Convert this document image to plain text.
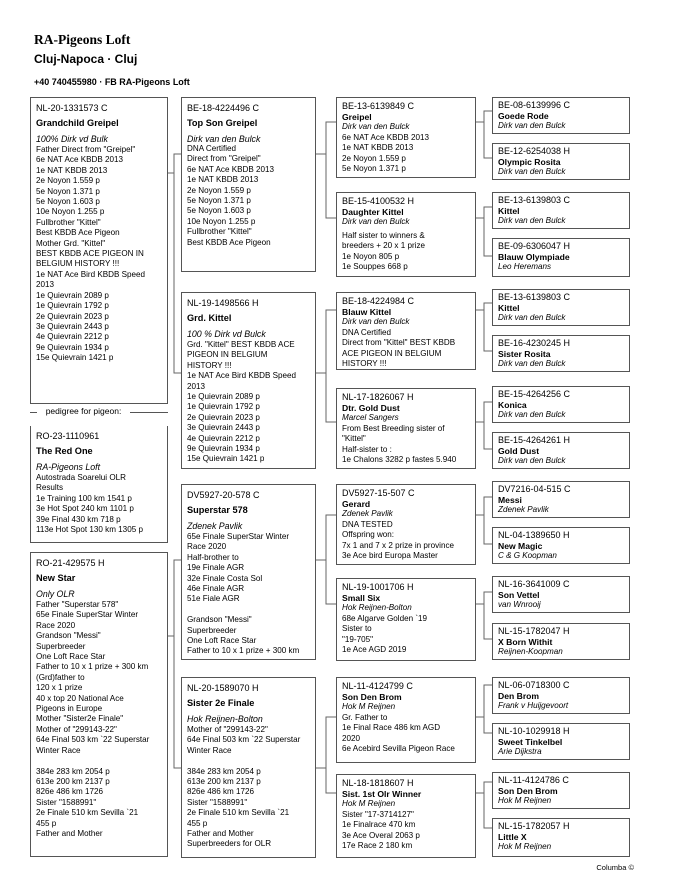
RA-Pigeons Loft
Cluj-Napoca · Cluj
+40 740455980 · FB RA-Pigeons Loft
NL-20-1331573 C
Grandchild Greipel
100% Dirk vd Bulk
Father Direct from "Greipel"
6e NAT Ace KBDB 2013
1e NAT KBDB 2013
2e Noyon 1.559 p
5e Noyon 1.371 p
5e Noyon 1.603 p
10e Noyon 1.255 p
Fullbrother "Kittel"
Best KBDB Ace Pigeon
Mother Grd. "Kittel"
BEST KBDB ACE PIGEON IN
BELGIUM HISTORY !!!
1e NAT Ace Bird KBDB Speed
2013
1e Quievrain 2089 p
1e Quievrain 1792 p
2e Quievrain 2023 p
3e Quievrain 2443 p
4e Quievrain 2212 p
9e Quievrain 1934 p
15e Quievrain 1421 p
pedigree for pigeon:
RO-23-1110961
The Red One
RA-Pigeons Loft
Autostrada Soarelui OLR
Results
1e Training 100 km 1541 p
3e Hot Spot 240 km 1101 p
39e Final 430 km 718 p
113e Hot Spot 130 km 1305 p
RO-21-429575 H
New Star
Only OLR
Father "Superstar 578"
65e Finale SuperStar Winter
Race 2020
Grandson "Messi"
Superbreeder
One Loft Race Star
Father to 10 x 1 prize + 300 km
(Grd)father to
120 x 1 prize
40 x top 20 National Ace
Pigeons in Europe
Mother "Sister2e Finale"
Mother of "299143-22"
64e Final 503 km `22 Superstar
Winter Race

384e 283 km 2054 p
613e 200 km 2137 p
826e 486 km 1726
Sister "1588991"
2e Finale 510 km Sevilla `21
455 p
Father and Mother
BE-18-4224496 C
Top Son Greipel
Dirk van den Bulck
DNA Certified
Direct from "Greipel"
6e NAT Ace KBDB 2013
1e NAT KBDB 2013
2e Noyon 1.559 p
5e Noyon 1.371 p
5e Noyon 1.603 p
10e Noyon 1.255 p
Fullbrother "Kittel"
Best KBDB Ace Pigeon
NL-19-1498566 H
Grd. Kittel
100 % Dirk vd Bulck
Grd. "Kittel" BEST KBDB ACE
PIGEON IN BELGIUM
HISTORY !!!
1e NAT Ace Bird KBDB Speed
2013
1e Quievrain 2089 p
1e Quievrain 1792 p
2e Quievrain 2023 p
3e Quievrain 2443 p
4e Quievrain 2212 p
9e Quievrain 1934 p
15e Quievrain 1421 p
DV5927-20-578 C
Superstar 578
Zdenek Pavlik
65e Finale SuperStar Winter
Race 2020
Half-brother to
19e Finale AGR
32e Finale Costa Sol
46e Finale AGR
51e Fiale AGR

Grandson "Messi"
Superbreeder
One Loft Race Star
Father to 10 x 1 prize + 300 km
NL-20-1589070 H
Sister 2e Finale
Hok Reijnen-Bolton
Mother of "299143-22"
64e Final 503 km `22 Superstar
Winter Race

384e 283 km 2054 p
613e 200 km 2137 p
826e 486 km 1726
Sister "1588991"
2e Finale 510 km Sevilla `21
455 p
Father and Mother
Superbreeders for OLR
BE-13-6139849 C
Greipel
Dirk van den Bulck
6e NAT Ace KBDB 2013
1e NAT KBDB 2013
2e Noyon 1.559 p
5e Noyon 1.371 p
BE-15-4100532 H
Daughter Kittel
Dirk van den Bulck
Half sister to winners &
breeders + 20 x 1 prize
1e Noyon 805 p
1e Souppes 668 p
BE-18-4224984 C
Blauw Kittel
Dirk van den Bulck
DNA Certified
Direct from "Kittel" BEST KBDB
ACE PIGEON IN BELGIUM
HISTORY !!!
NL-17-1826067 H
Dtr. Gold Dust
Marcel Sangers
From Best Breeding sister of
"Kittel"
Half-sister to :
1e Chalons 3282 p fastes 5.940
DV5927-15-507 C
Gerard
Zdenek Pavlik
DNA TESTED
Offspring won:
7x 1 and 7 x 2 prize in province
3e Ace bird Europa Master
NL-19-1001706 H
Small Six
Hok Reijnen-Bolton
68e Algarve Golden `19
Sister to
"19-705"
1e Ace AGD 2019
NL-11-4124799 C
Son Den Brom
Hok M Reijnen
Gr. Father to
1e Final Race 486 km AGD
2020
6e Acebird Sevilla Pigeon Race
NL-18-1818607 H
Sist. 1st Olr Winner
Hok M Reijnen
Sister "17-3714127"
1e Finalrace 470 km
3e Ace Overal 2063 p
17e Race 2 180 km
BE-08-6139996 C
Goede Rode
Dirk van den Bulck
BE-12-6254038 H
Olympic Rosita
Dirk van den Bulck
BE-13-6139803 C
Kittel
Dirk van den Bulck
BE-09-6306047 H
Blauw Olympiade
Leo Heremans
BE-13-6139803 C
Kittel
Dirk van den Bulck
BE-16-4230245 H
Sister Rosita
Dirk van den Bulck
BE-15-4264256 C
Konica
Dirk van den Bulck
BE-15-4264261 H
Gold Dust
Dirk van den Bulck
DV7216-04-515 C
Messi
Zdenek Pavlik
NL-04-1389650 H
New Magic
C & G Koopman
NL-16-3641009 C
Son Vettel
van Wnrooij
NL-15-1782047 H
X Born Withit
Reijnen-Koopman
NL-06-0718300 C
Den Brom
Frank v Huijgevoort
NL-10-1029918 H
Sweet Tinkelbel
Arie Dijkstra
NL-11-4124786 C
Son Den Brom
Hok M Reijnen
NL-15-1782057 H
Little X
Hok M Reijnen
Columba ©
